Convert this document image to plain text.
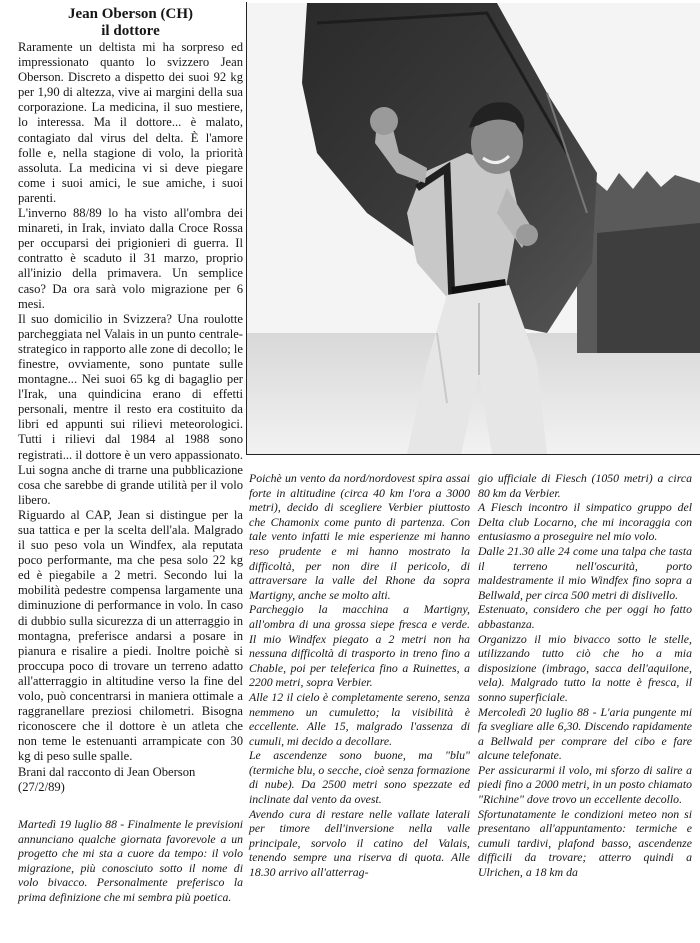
Jean Oberson (CH)
il dottore

Raramente un deltista mi ha sorpreso ed impressionato quanto lo svizzero Jean Oberson. Discreto a dispetto dei suoi 92 kg per 1,90 di altezza, vive ai margini della sua corporazione. La medicina, il suo mestiere, lo interessa. Ma il dottore... è malato, contagiato dal virus del delta. È l'amore folle e, nella stagione di volo, la priorità assoluta. La medicina vi si deve piegare come i suoi amici, le sue amiche, i suoi parenti.

L'inverno 88/89 lo ha visto all'ombra dei minareti, in Irak, inviato dalla Croce Rossa per occuparsi dei prigionieri di guerra. Il contratto è scaduto il 31 marzo, proprio all'inizio della primavera. Un semplice caso? Da ora sarà volo migrazione per 6 mesi.

Il suo domicilio in Svizzera? Una roulotte parcheggiata nel Valais in un punto centrale-strategico in rapporto alle zone di decollo; le finestre, ovviamente, sono puntate sulle montagne... Nei suoi 65 kg di bagaglio per l'Irak, una quindicina erano di effetti personali, mentre il resto era costituito da libri ed appunti sui rilievi meteorologici. Tutti i rilievi dal 1984 al 1988 sono registrati... il dottore è un vero appassionato. Lui sogna anche di trarne una pubblicazione cosa che sarebbe di grande utilità per il volo libero.

Riguardo al CAP, Jean si distingue per la sua tattica e per la scelta dell'ala. Malgrado il suo peso vola un Windfex, ala reputata poco performante, ma che pesa solo 22 kg ed è piegabile a 2 metri. Secondo lui la mobilità pedestre compensa largamente una diminuzione di performance in volo. In caso di dubbio sulla sicurezza di un atterraggio in montagna, preferisce andarsi a posare in pianura e risalire a piedi. Inoltre poichè si proccupa poco di trovare un terreno adatto all'atterraggio in altitudine verso la fine del volo, può concentrarsi in maniera ottimale a raggranellare preziosi chilometri. Bisogna riconoscere che il dottore è un atleta che non teme le estenuanti arrampicate con 30 kg di peso sulle spalle.

Brani dal racconto di Jean Oberson (27/2/89)

Martedì 19 luglio 88 - Finalmente le previsioni annunciano qualche giornata favorevole a un progetto che mi sta a cuore da tempo: il volo migrazione, più conosciuto sotto il nome di volo bivacco. Personalmente preferisco la prima definizione che mi sembra più poetica.

Poichè un vento da nord/nordovest spira assai forte in altitudine (circa 40 km l'ora a 3000 metri), decido di scegliere Verbier piuttosto che Chamonix come punto di partenza. Con tale vento infatti le mie esperienze mi hanno reso prudente e mi hanno mostrato la difficoltà, per non dire il pericolo, di attraversare la valle del Rhone da sopra Martigny, anche se molto alti.

Parcheggio la macchina a Martigny, all'ombra di una grossa siepe fresca e verde. Il mio Windfex piegato a 2 metri non ha nessuna difficoltà di trasporto in treno fino a Chable, poi per teleferica fino a Ruinettes, a 2200 metri, sopra Verbier.

Alle 12 il cielo è completamente sereno, senza nemmeno un cumuletto; la visibilità è eccellente. Alle 15, malgrado l'assenza di cumuli, mi decido a decollare.

Le ascendenze sono buone, ma "blu" (termiche blu, o secche, cioè senza formazione di nube). Da 2500 metri sono spezzate ed inclinate dal vento da ovest.

Avendo cura di restare nelle vallate laterali per timore dell'inversione nella valle principale, sorvolo il catino del Valais, tenendo sempre una riserva di quota. Alle 18.30 arrivo all'atterrag-

gio ufficiale di Fiesch (1050 metri) a circa 80 km da Verbier.

A Fiesch incontro il simpatico gruppo del Delta club Locarno, che mi incoraggia con entusiasmo a proseguire nel mio volo.

Dalle 21.30 alle 24 come una talpa che tasta il terreno nell'oscurità, porto maldestramente il mio Windfex fino sopra a Bellwald, per circa 500 metri di dislivello.

Estenuato, considero che per oggi ho fatto abbastanza.

Organizzo il mio bivacco sotto le stelle, utilizzando tutto ciò che ho a mia disposizione (imbrago, sacca dell'aquilone, vela). Malgrado tutto la notte è fresca, il sonno superficiale.

Mercoledì 20 luglio 88 - L'aria pungente mi fa svegliare alle 6,30. Discendo rapidamente a Bellwald per comprare del cibo e fare alcune telefonate.

Per assicurarmi il volo, mi sforzo di salire a piedi fino a 2000 metri, in un posto chiamato "Richine" dove trovo un eccellente decollo.

Sfortunatamente le condizioni meteo non si presentano all'appuntamento: termiche e cumuli tardivi, plafond basso, ascendenze difficili da trovare; atterro quindi a Ulrichen, a 18 km da
